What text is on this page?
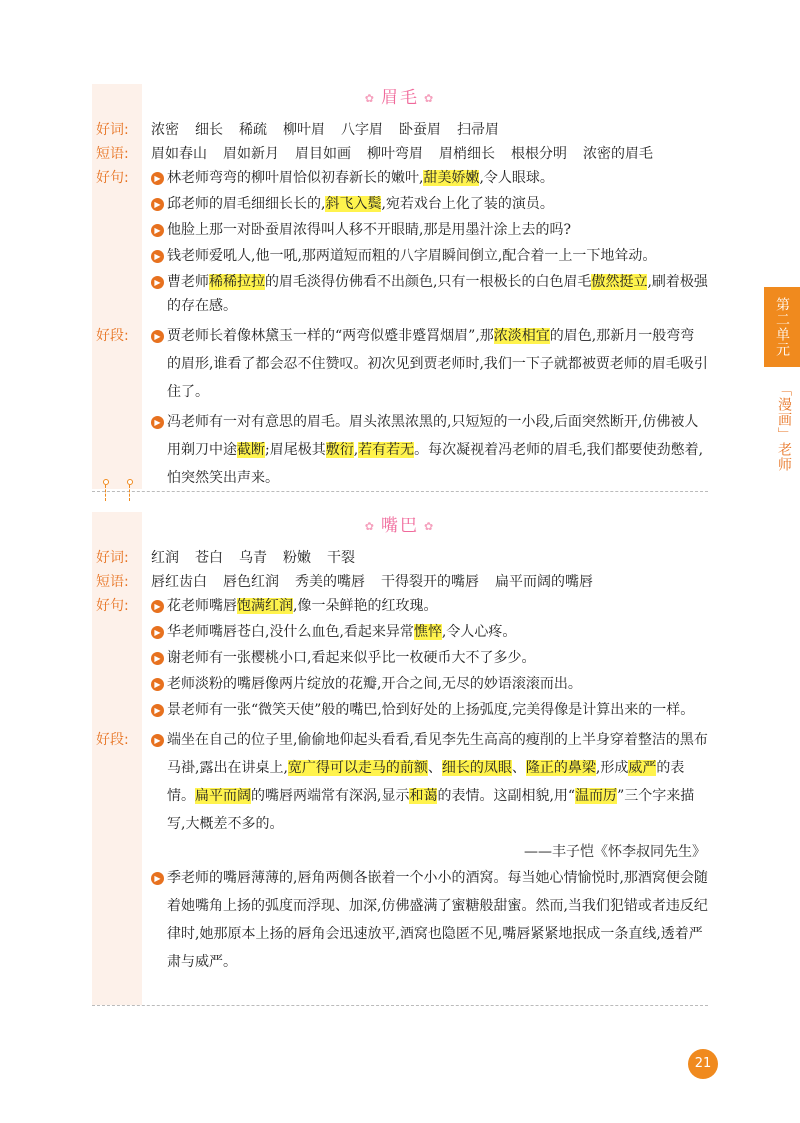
✿ 眉毛 ✿
好词:	浓密 细长 稀疏 柳叶眉 八字眉 卧蚕眉 扫帚眉
短语:	眉如春山 眉如新月 眉目如画 柳叶弯眉 眉梢细长 根根分明 浓密的眉毛
好句:	▶ 林老师弯弯的柳叶眉恰似初春新长的嫩叶,甜美娇嫩,令人眼球。
▶ 邱老师的眉毛细细长长的,斜飞入鬓,宛若戏台上化了装的演员。
▶ 他脸上那一对卧蚕眉浓得叫人移不开眼睛,那是用墨汁涂上去的吗?
▶ 钱老师爱吼人,他一吼,那两道短而粗的八字眉瞬间倒立,配合着一上一下地耸动。
▶ 曹老师稀稀拉拉的眉毛淡得仿佛看不出颜色,只有一根极长的白色眉毛傲然挺立,刷着极强的存在感。
好段:	▶ 贾老师长着像林黛玉一样的“两弯似蹙非蹙罥烟眉”,那浓淡相宜的眉色,那新月一般弯弯的眉形,谁看了都会忍不住赞叹。初次见到贾老师时,我们一下子就都被贾老师的眉毛吸引住了。
▶ 冯老师有一对有意思的眉毛。眉头浓黑浓黑的,只短短的一小段,后面突然断开,仿佛被人用剃刀中途截断;眉尾极其敷衍,若有若无。每次凝视着冯老师的眉毛,我们都要使劲憋着,怕突然笑出声来。
✿ 嘴巴 ✿
好词:	红润 苍白 乌青 粉嫩 干裂
短语:	唇红齿白 唇色红润 秀美的嘴唇 干得裂开的嘴唇 扁平而阔的嘴唇
好句:	▶ 花老师嘴唇饱满红润,像一朵鲜艳的红玫瑰。
▶ 华老师嘴唇苍白,没什么血色,看起来异常憔悴,令人心疼。
▶ 谢老师有一张樱桃小口,看起来似乎比一枚硬币大不了多少。
▶ 老师淡粉的嘴唇像两片绽放的花瓣,开合之间,无尽的妙语滚滚而出。
▶ 景老师有一张“微笑天使”般的嘴巴,恰到好处的上扬弧度,完美得像是计算出来的一样。
好段:	▶ 端坐在自己的位子里,偷偷地仰起头看看,看见李先生高高的瘦削的上半身穿着整洁的黑布马褂,露出在讲桌上,宽广得可以走马的前额、细长的凤眼、隆正的鼻梁,形成威严的表情。扁平而阔的嘴唇两端常有深涡,显示和蔼的表情。这副相貌,用“温而厉”三个字来描写,大概差不多的。
——丰子恺《怀李叔同先生》
▶ 季老师的嘴唇薄薄的,唇角两侧各嵌着一个小小的酒窝。每当她心情愉悦时,那酒窝便会随着她嘴角上扬的弧度而浮现、加深,仿佛盛满了蜜糖般甜蜜。然而,当我们犯错或者违反纪律时,她那原本上扬的唇角会迅速放平,酒窝也隐匿不见,嘴唇紧紧地抿成一条直线,透着严肃与威严。
第二单元
「漫画」老师
21
